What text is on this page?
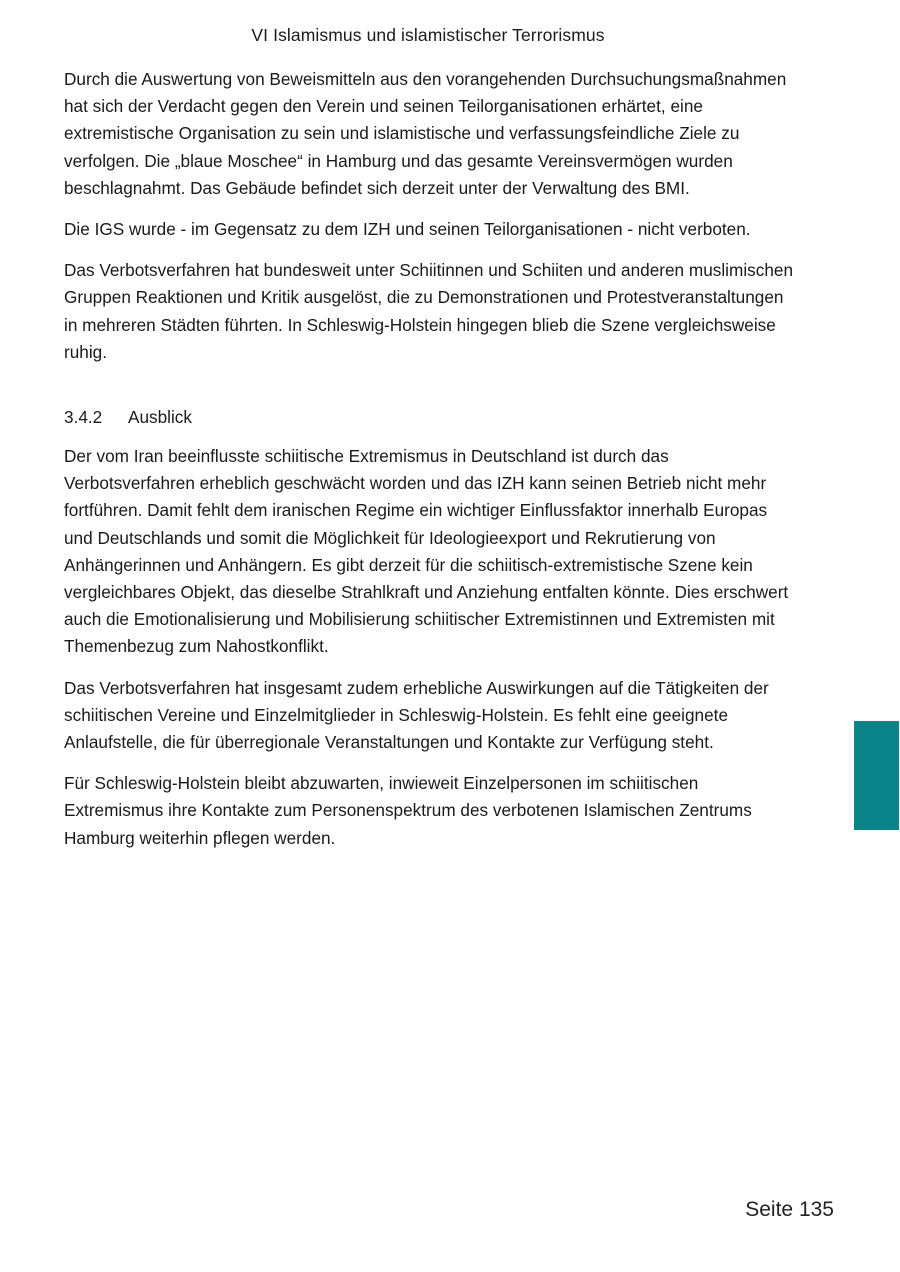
VI Islamismus und islamistischer Terrorismus

Durch die Auswertung von Beweismitteln aus den vorangehenden Durchsuchungsmaßnahmen hat sich der Verdacht gegen den Verein und seinen Teilorganisationen erhärtet, eine extremistische Organisation zu sein und islamistische und verfassungsfeindliche Ziele zu verfolgen. Die „blaue Moschee“ in Hamburg und das gesamte Vereinsvermögen wurden beschlagnahmt. Das Gebäude befindet sich derzeit unter der Verwaltung des BMI.

Die IGS wurde - im Gegensatz zu dem IZH und seinen Teilorganisationen - nicht verboten.

Das Verbotsverfahren hat bundesweit unter Schiitinnen und Schiiten und anderen muslimischen Gruppen Reaktionen und Kritik ausgelöst, die zu Demonstrationen und Protestveranstaltungen in mehreren Städten führten. In Schleswig-Holstein hingegen blieb die Szene vergleichsweise ruhig.

3.4.2 Ausblick

Der vom Iran beeinflusste schiitische Extremismus in Deutschland ist durch das Verbotsverfahren erheblich geschwächt worden und das IZH kann seinen Betrieb nicht mehr fortführen. Damit fehlt dem iranischen Regime ein wichtiger Einflussfaktor innerhalb Europas und Deutschlands und somit die Möglichkeit für Ideologieexport und Rekrutierung von Anhängerinnen und Anhängern. Es gibt derzeit für die schiitisch-extremistische Szene kein vergleichbares Objekt, das dieselbe Strahlkraft und Anziehung entfalten könnte. Dies erschwert auch die Emotionalisierung und Mobilisierung schiitischer Extremistinnen und Extremisten mit Themenbezug zum Nahostkonflikt.

Das Verbotsverfahren hat insgesamt zudem erhebliche Auswirkungen auf die Tätigkeiten der schiitischen Vereine und Einzelmitglieder in Schleswig-Holstein. Es fehlt eine geeignete Anlaufstelle, die für überregionale Veranstaltungen und Kontakte zur Verfügung steht.

Für Schleswig-Holstein bleibt abzuwarten, inwieweit Einzelpersonen im schiitischen Extremismus ihre Kontakte zum Personenspektrum des verbotenen Islamischen Zentrums Hamburg weiterhin pflegen werden.

Seite 135
